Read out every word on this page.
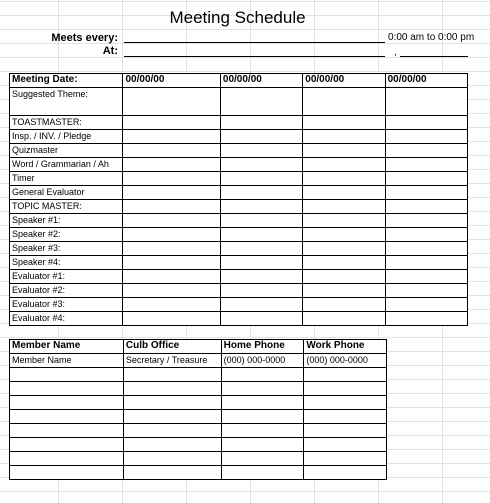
Meeting Schedule
Meets every:	0:00 am to 0:00 pm
At:	,
Meeting Date:	00/00/00	00/00/00	00/00/00	00/00/00
Suggested Theme:				
TOASTMASTER:				
Insp. / INV. / Pledge				
Quizmaster				
Word / Grammarian / Ah				
Timer				
General Evaluator				
TOPIC MASTER:				
Speaker #1:				
Speaker #2:				
Speaker #3:				
Speaker #4:				
Evaluator #1:				
Evaluator #2:				
Evaluator #3:				
Evaluator #4:				
Member Name	Culb Office	Home Phone	Work Phone
Member Name	Secretary / Treasure	(000) 000-0000	(000) 000-0000
